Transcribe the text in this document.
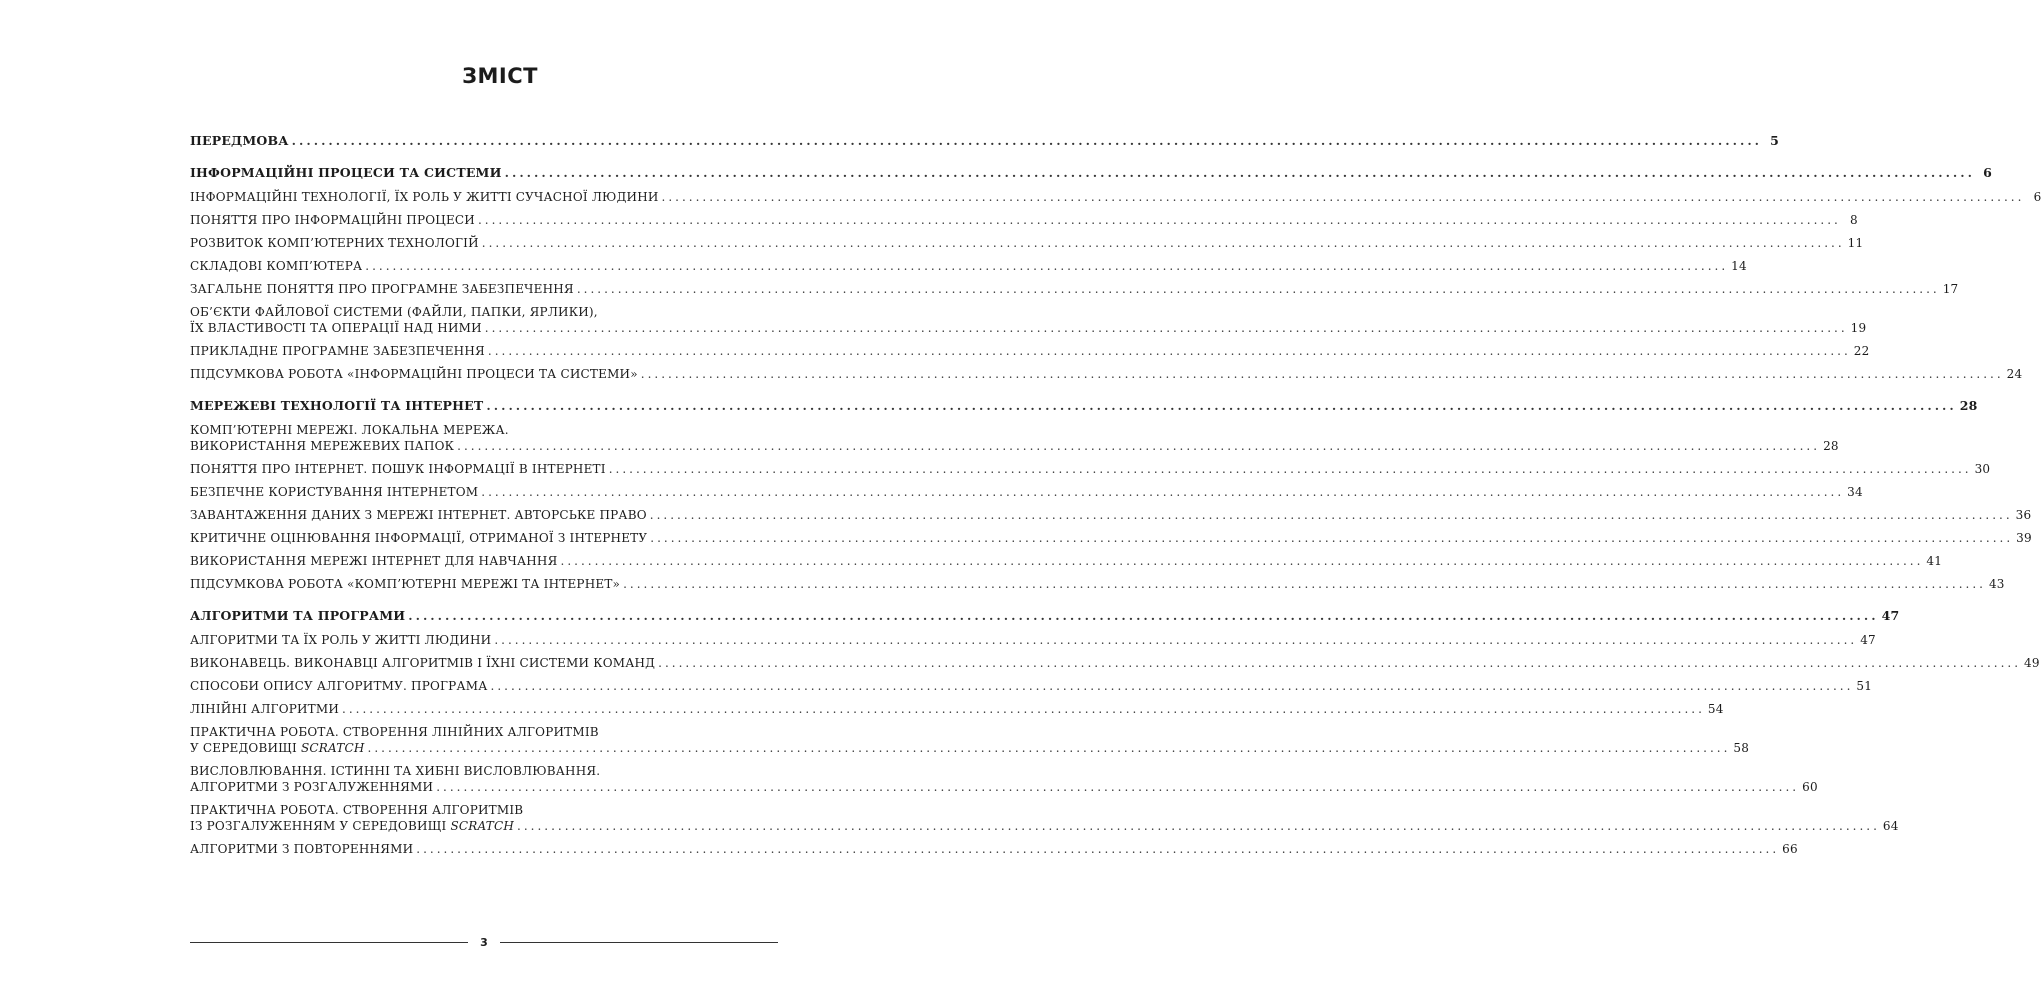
ЗМІСТ
ПЕРЕДМОВА ........................................................................................................................................................................................................ 5
ІНФОРМАЦІЙНІ ПРОЦЕСИ ТА СИСТЕМИ ........................................................................................................................................................................................................ 6
ІНФОРМАЦІЙНІ ТЕХНОЛОГІЇ, ЇХ РОЛЬ У ЖИТТІ СУЧАСНОЇ ЛЮДИНИ ........................................................................................................................................................................................................ 6
ПОНЯТТЯ ПРО ІНФОРМАЦІЙНІ ПРОЦЕСИ ........................................................................................................................................................................................................ 8
РОЗВИТОК КОМП’ЮТЕРНИХ ТЕХНОЛОГІЙ ........................................................................................................................................................................................................ 11
СКЛАДОВІ КОМП’ЮТЕРА ........................................................................................................................................................................................................ 14
ЗАГАЛЬНЕ ПОНЯТТЯ ПРО ПРОГРАМНЕ ЗАБЕЗПЕЧЕННЯ ........................................................................................................................................................................................................ 17
ОБ’ЄКТИ ФАЙЛОВОЇ СИСТЕМИ (ФАЙЛИ, ПАПКИ, ЯРЛИКИ),
ЇХ ВЛАСТИВОСТІ ТА ОПЕРАЦІЇ НАД НИМИ ........................................................................................................................................................................................................ 19
ПРИКЛАДНЕ ПРОГРАМНЕ ЗАБЕЗПЕЧЕННЯ ........................................................................................................................................................................................................ 22
ПІДСУМКОВА РОБОТА «ІНФОРМАЦІЙНІ ПРОЦЕСИ ТА СИСТЕМИ» ........................................................................................................................................................................................................ 24
МЕРЕЖЕВІ ТЕХНОЛОГІЇ ТА ІНТЕРНЕТ ........................................................................................................................................................................................................ 28
КОМП’ЮТЕРНІ МЕРЕЖІ. ЛОКАЛЬНА МЕРЕЖА.
ВИКОРИСТАННЯ МЕРЕЖЕВИХ ПАПОК ........................................................................................................................................................................................................ 28
ПОНЯТТЯ ПРО ІНТЕРНЕТ. ПОШУК ІНФОРМАЦІЇ В ІНТЕРНЕТІ ........................................................................................................................................................................................................ 30
БЕЗПЕЧНЕ КОРИСТУВАННЯ ІНТЕРНЕТОМ ........................................................................................................................................................................................................ 34
ЗАВАНТАЖЕННЯ ДАНИХ З МЕРЕЖІ ІНТЕРНЕТ. АВТОРСЬКЕ ПРАВО ........................................................................................................................................................................................................ 36
КРИТИЧНЕ ОЦІНЮВАННЯ ІНФОРМАЦІЇ, ОТРИМАНОЇ З ІНТЕРНЕТУ ........................................................................................................................................................................................................ 39
ВИКОРИСТАННЯ МЕРЕЖІ ІНТЕРНЕТ ДЛЯ НАВЧАННЯ ........................................................................................................................................................................................................ 41
ПІДСУМКОВА РОБОТА «КОМП’ЮТЕРНІ МЕРЕЖІ ТА ІНТЕРНЕТ» ........................................................................................................................................................................................................ 43
АЛГОРИТМИ ТА ПРОГРАМИ ........................................................................................................................................................................................................ 47
АЛГОРИТМИ ТА ЇХ РОЛЬ У ЖИТТІ ЛЮДИНИ ........................................................................................................................................................................................................ 47
ВИКОНАВЕЦЬ. ВИКОНАВЦІ АЛГОРИТМІВ І ЇХНІ СИСТЕМИ КОМАНД ........................................................................................................................................................................................................ 49
СПОСОБИ ОПИСУ АЛГОРИТМУ. ПРОГРАМА ........................................................................................................................................................................................................ 51
ЛІНІЙНІ АЛГОРИТМИ ........................................................................................................................................................................................................ 54
ПРАКТИЧНА РОБОТА. СТВОРЕННЯ ЛІНІЙНИХ АЛГОРИТМІВ
У СЕРЕДОВИЩІ SCRATCH ........................................................................................................................................................................................................ 58
ВИСЛОВЛЮВАННЯ. ІСТИННІ ТА ХИБНІ ВИСЛОВЛЮВАННЯ.
АЛГОРИТМИ З РОЗГАЛУЖЕННЯМИ ........................................................................................................................................................................................................ 60
ПРАКТИЧНА РОБОТА. СТВОРЕННЯ АЛГОРИТМІВ
ІЗ РОЗГАЛУЖЕННЯМ У СЕРЕДОВИЩІ SCRATCH ........................................................................................................................................................................................................ 64
АЛГОРИТМИ З ПОВТОРЕННЯМИ ........................................................................................................................................................................................................ 66
3
